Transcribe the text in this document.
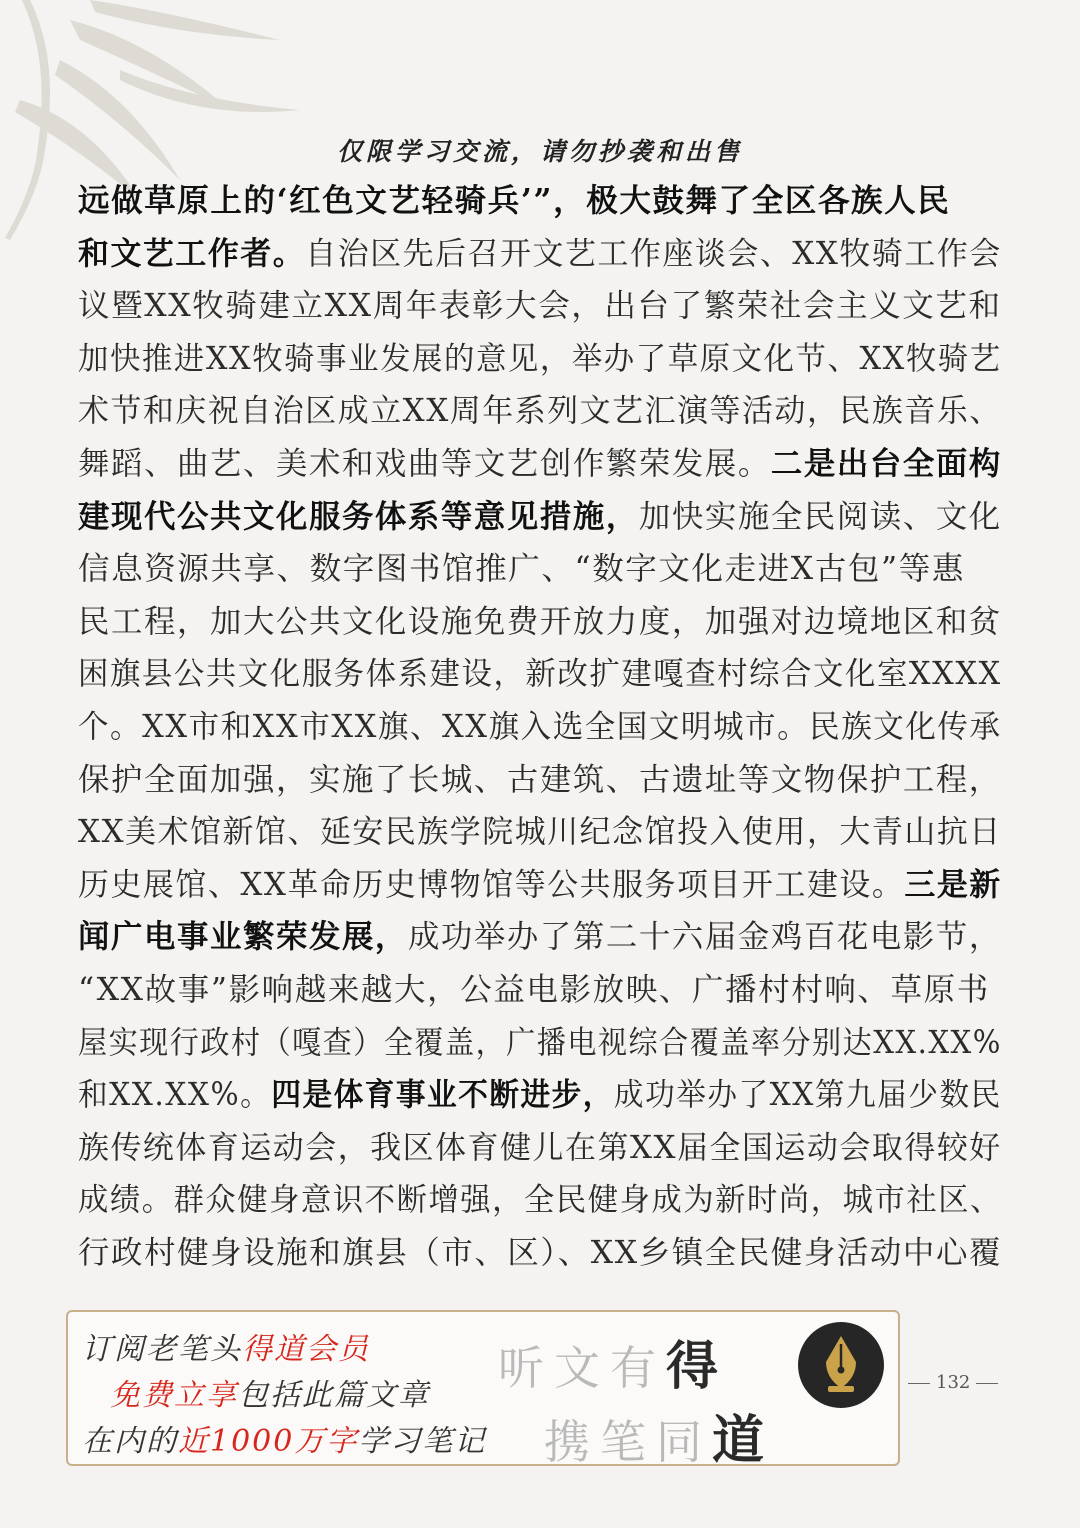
仅限学习交流，请勿抄袭和出售
远做草原上的‘红色文艺轻骑兵’”，极大鼓舞了全区各族人民
和文艺工作者。自治区先后召开文艺工作座谈会、XX牧骑工作会
议暨XX牧骑建立XX周年表彰大会，出台了繁荣社会主义文艺和
加快推进XX牧骑事业发展的意见，举办了草原文化节、XX牧骑艺
术节和庆祝自治区成立XX周年系列文艺汇演等活动，民族音乐、
舞蹈、曲艺、美术和戏曲等文艺创作繁荣发展。二是出台全面构
建现代公共文化服务体系等意见措施，加快实施全民阅读、文化
信息资源共享、数字图书馆推广、“数字文化走进X古包”等惠
民工程，加大公共文化设施免费开放力度，加强对边境地区和贫
困旗县公共文化服务体系建设，新改扩建嘎查村综合文化室XXXX
个。XX市和XX市XX旗、XX旗入选全国文明城市。民族文化传承
保护全面加强，实施了长城、古建筑、古遗址等文物保护工程，
XX美术馆新馆、延安民族学院城川纪念馆投入使用，大青山抗日
历史展馆、XX革命历史博物馆等公共服务项目开工建设。三是新
闻广电事业繁荣发展，成功举办了第二十六届金鸡百花电影节，
“XX故事”影响越来越大，公益电影放映、广播村村响、草原书
屋实现行政村（嘎查）全覆盖，广播电视综合覆盖率分别达XX.XX%
和XX.XX%。四是体育事业不断进步，成功举办了XX第九届少数民
族传统体育运动会，我区体育健儿在第XX届全国运动会取得较好
成绩。群众健身意识不断增强，全民健身成为新时尚，城市社区、
行政村健身设施和旗县（市、区）、XX乡镇全民健身活动中心覆
订阅老笔头得道会员
免费立享包括此篇文章
在内的近1000万字学习笔记
听文有得
携笔同道
132
